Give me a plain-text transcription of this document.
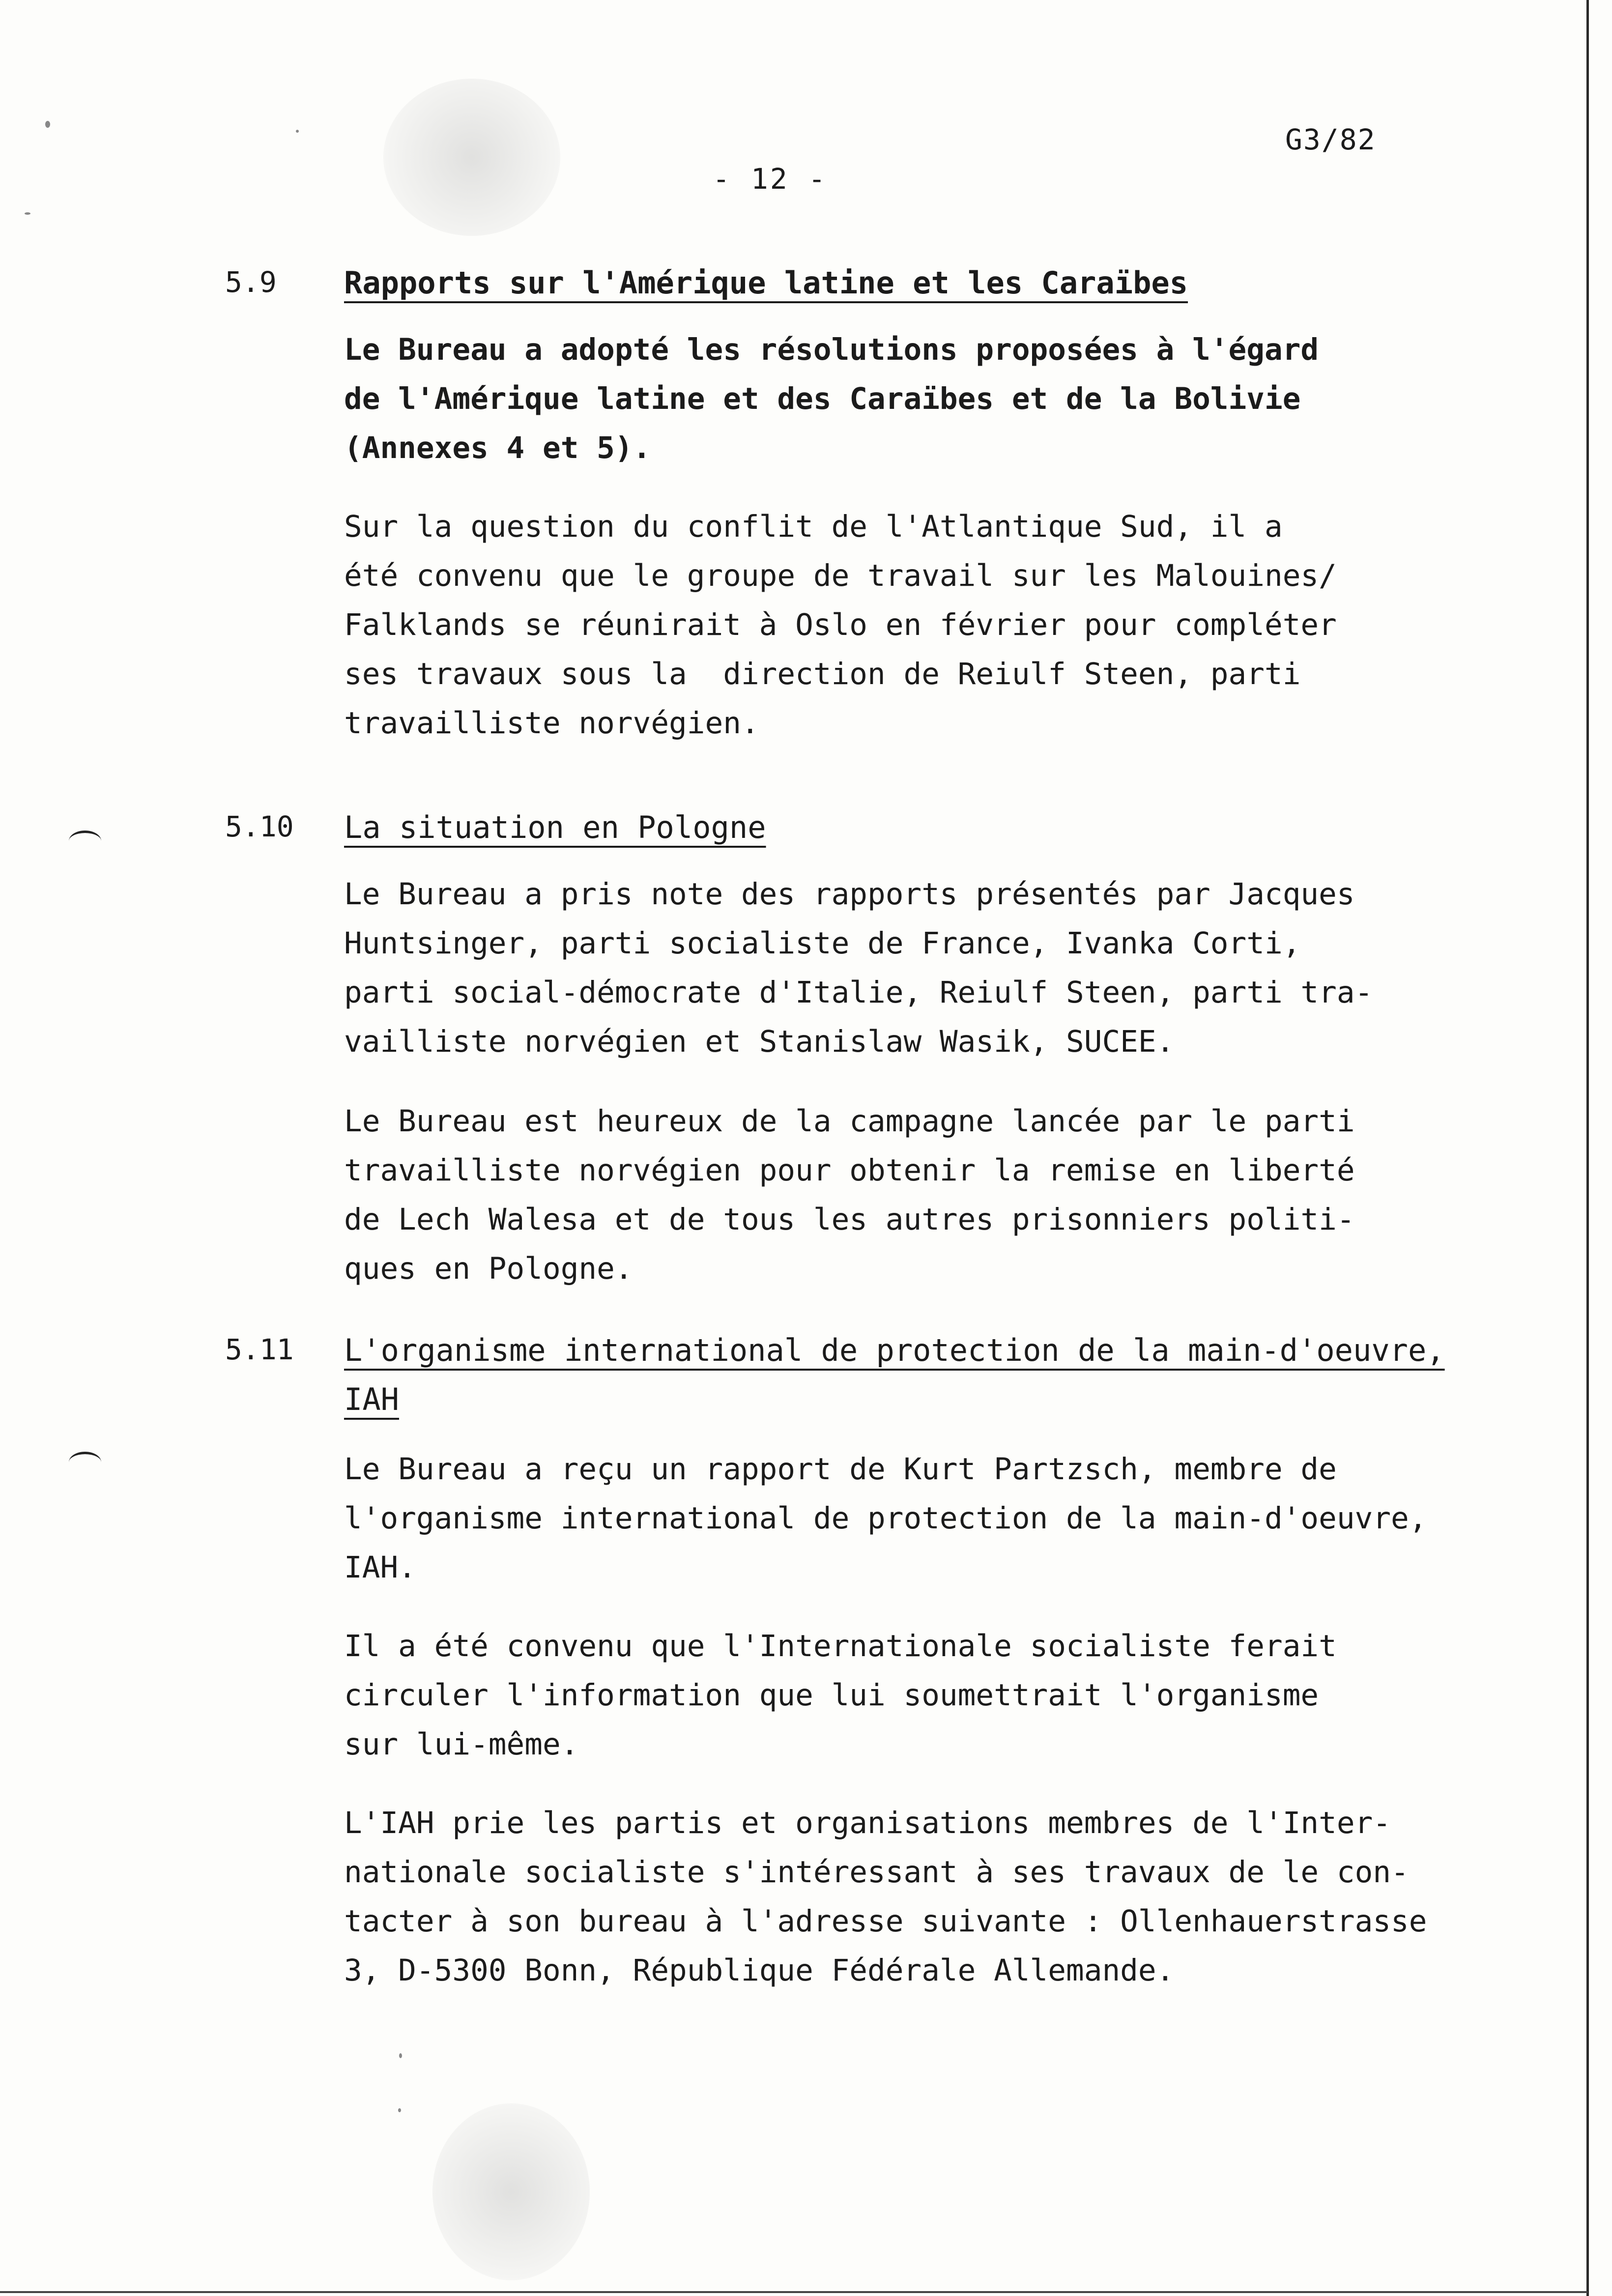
G3/82
- 12 -
5.9 Rapports sur l'Amérique latine et les Caraïbes

Le Bureau a adopté les résolutions proposées à l'égard
de l'Amérique latine et des Caraïbes et de la Bolivie
(Annexes 4 et 5).

Sur la question du conflit de l'Atlantique Sud, il a
été convenu que le groupe de travail sur les Malouines/
Falklands se réunirait à Oslo en février pour compléter
ses travaux sous la  direction de Reiulf Steen, parti
travailliste norvégien.

5.10 La situation en Pologne

Le Bureau a pris note des rapports présentés par Jacques
Huntsinger, parti socialiste de France, Ivanka Corti,
parti social-démocrate d'Italie, Reiulf Steen, parti tra-
vailliste norvégien et Stanislaw Wasik, SUCEE.

Le Bureau est heureux de la campagne lancée par le parti
travailliste norvégien pour obtenir la remise en liberté
de Lech Walesa et de tous les autres prisonniers politi-
ques en Pologne.

5.11 L'organisme international de protection de la main-d'oeuvre,
IAH

Le Bureau a reçu un rapport de Kurt Partzsch, membre de
l'organisme international de protection de la main-d'oeuvre,
IAH.

Il a été convenu que l'Internationale socialiste ferait
circuler l'information que lui soumettrait l'organisme
sur lui-même.

L'IAH prie les partis et organisations membres de l'Inter-
nationale socialiste s'intéressant à ses travaux de le con-
tacter à son bureau à l'adresse suivante : Ollenhauerstrasse
3, D-5300 Bonn, République Fédérale Allemande.
